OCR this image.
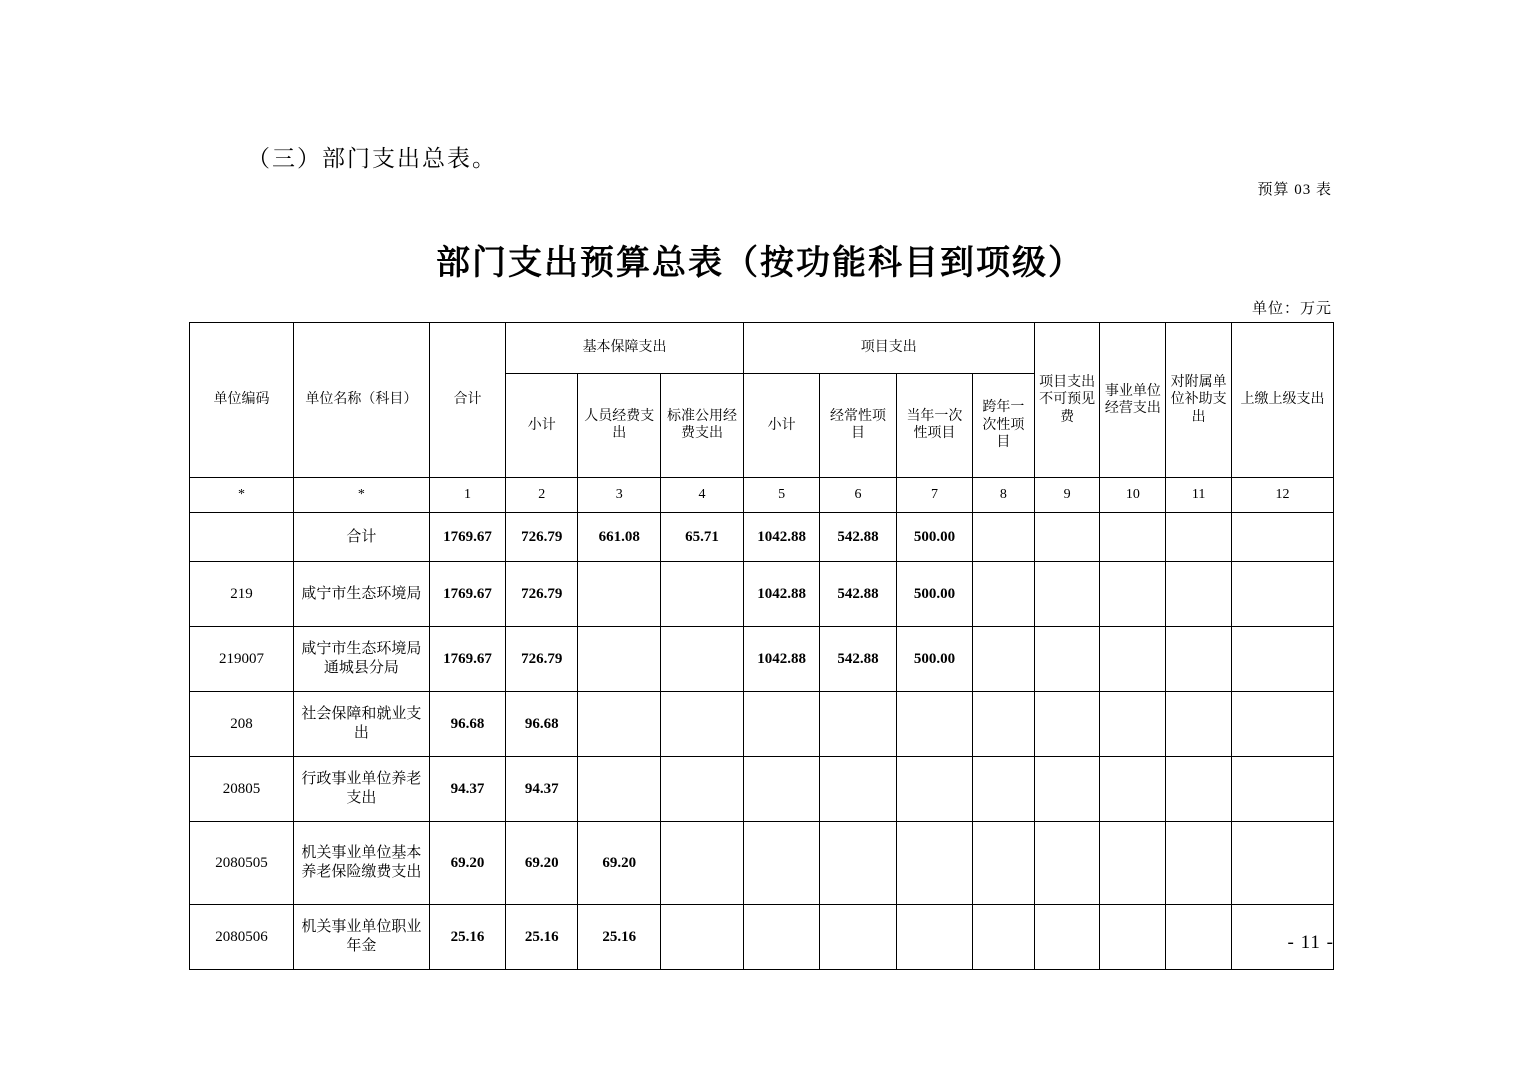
（三）部门支出总表。
预算 03 表
部门支出预算总表（按功能科目到项级）
单位：万元
单位编码	单位名称（科目）	合计	基本保障支出			项目支出				项目支出不可预见费	事业单位经营支出	对附属单位补助支出	上缴上级支出
			小计	人员经费支出	标准公用经费支出	小计	经常性项目	当年一次性项目	跨年一次性项目				
*	*	1	2	3	4	5	6	7	8	9	10	11	12
	合计	1769.67	726.79	661.08	65.71	1042.88	542.88	500.00					
219	咸宁市生态环境局	1769.67	726.79			1042.88	542.88	500.00					
219007	咸宁市生态环境局通城县分局	1769.67	726.79			1042.88	542.88	500.00					
208	社会保障和就业支出	96.68	96.68										
20805	行政事业单位养老支出	94.37	94.37										
2080505	机关事业单位基本养老保险缴费支出	69.20	69.20	69.20									
2080506	机关事业单位职业年金	25.16	25.16	25.16										- 11 -
